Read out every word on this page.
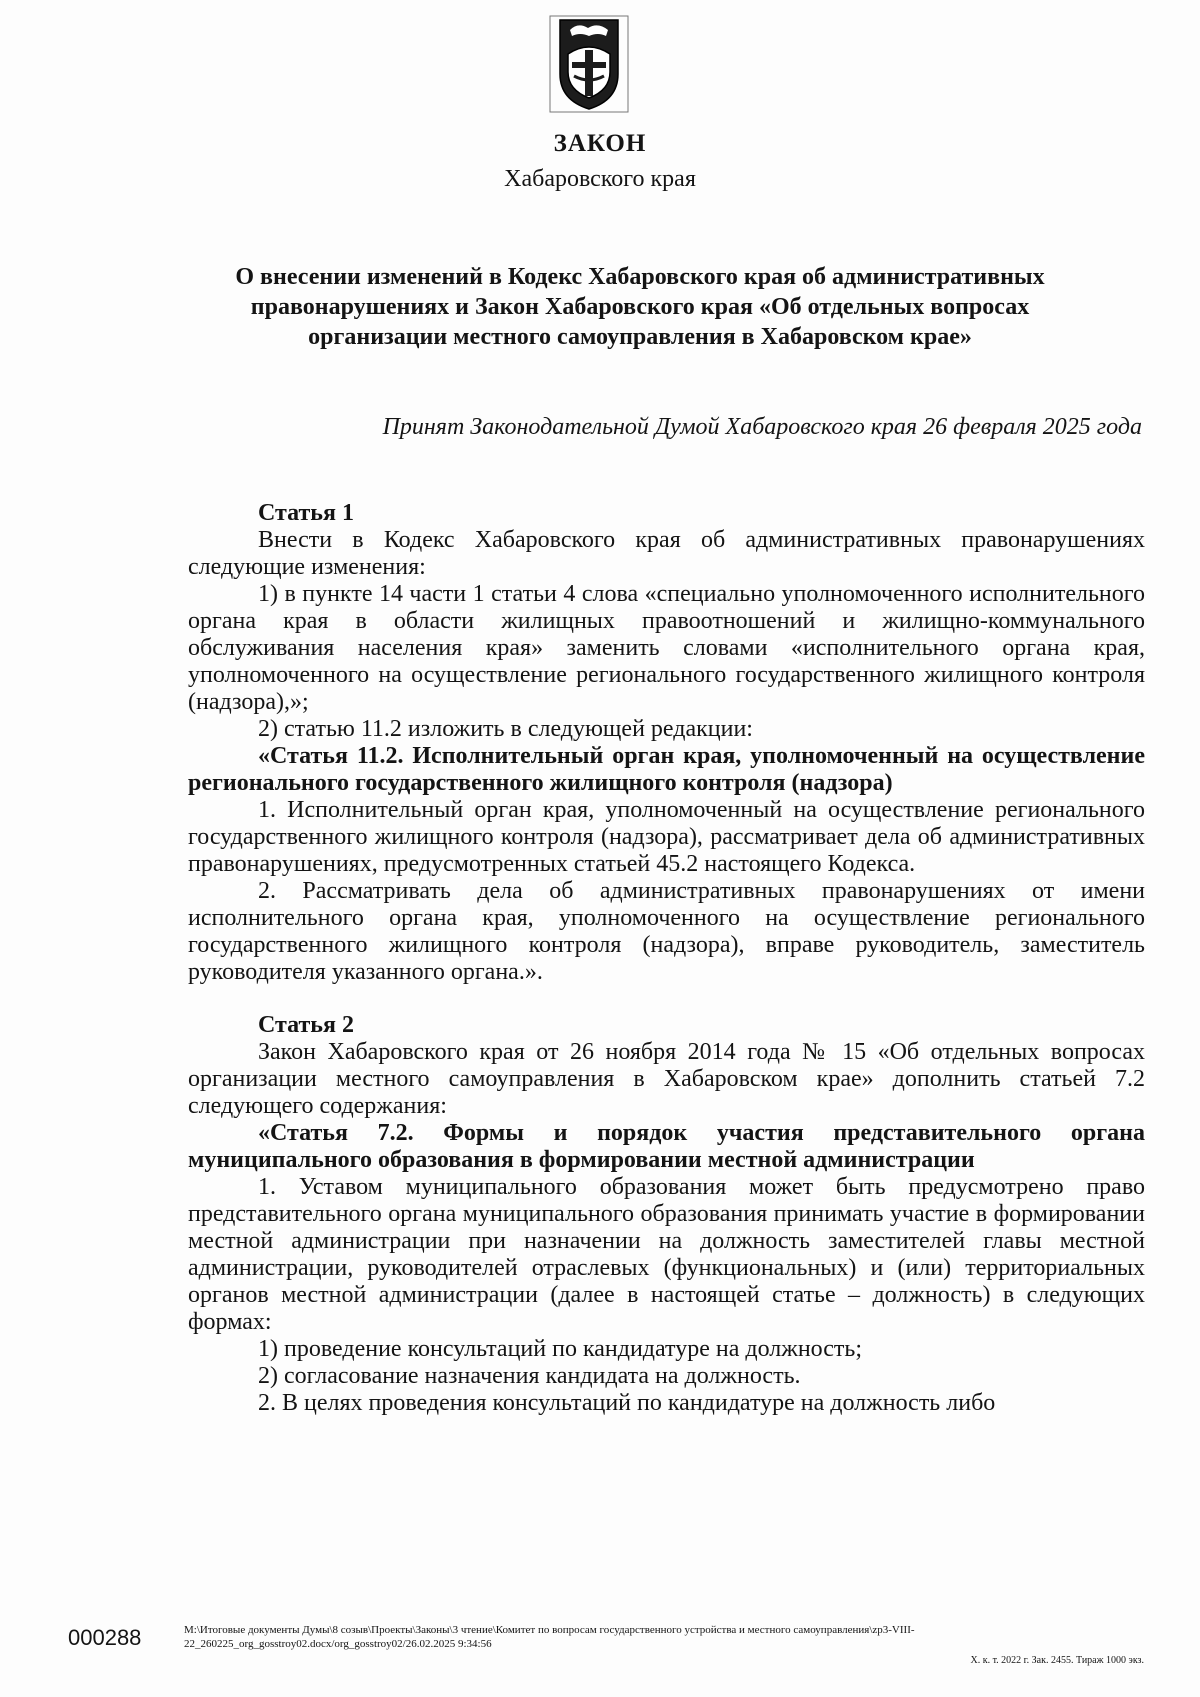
ЗАКОН
Хабаровского края
О внесении изменений в Кодекс Хабаровского края об административных правонарушениях и Закон Хабаровского края «Об отдельных вопросах организации местного самоуправления в Хабаровском крае»
Принят Законодательной Думой Хабаровского края 26 февраля 2025 года

Статья 1

Внести в Кодекс Хабаровского края об административных правонарушениях следующие изменения:

1) в пункте 14 части 1 статьи 4 слова «специально уполномоченного исполнительного органа края в области жилищных правоотношений и жилищно-коммунального обслуживания населения края» заменить словами «исполнительного органа края, уполномоченного на осуществление регионального государственного жилищного контроля (надзора),»;

2) статью 11.2 изложить в следующей редакции:

«Статья 11.2. Исполнительный орган края, уполномоченный на осуществление регионального государственного жилищного контроля (надзора)

1. Исполнительный орган края, уполномоченный на осуществление регионального государственного жилищного контроля (надзора), рассматривает дела об административных правонарушениях, предусмотренных статьей 45.2 настоящего Кодекса.

2. Рассматривать дела об административных правонарушениях от имени исполнительного органа края, уполномоченного на осуществление регионального государственного жилищного контроля (надзора), вправе руководитель, заместитель руководителя указанного органа.».

Статья 2

Закон Хабаровского края от 26 ноября 2014 года № 15 «Об отдельных вопросах организации местного самоуправления в Хабаровском крае» дополнить статьей 7.2 следующего содержания:

«Статья 7.2. Формы и порядок участия представительного органа муниципального образования в формировании местной администрации

1. Уставом муниципального образования может быть предусмотрено право представительного органа муниципального образования принимать участие в формировании местной администрации при назначении на должность заместителей главы местной администрации, руководителей отраслевых (функциональных) и (или) территориальных органов местной администрации (далее в настоящей статье – должность) в следующих формах:

1) проведение консультаций по кандидатуре на должность;

2) согласование назначения кандидата на должность.

2. В целях проведения консультаций по кандидатуре на должность либо

000288	M:\Итоговые документы Думы\8 созыв\Проекты\Законы\3 чтение\Комитет по вопросам государственного устройства и местного самоуправления\zp3-VIII-22_260225_org_gosstroy02.docx/org_gosstroy02/26.02.2025 9:34:56
Х. к. т. 2022 г. Зак. 2455. Тираж 1000 экз.
